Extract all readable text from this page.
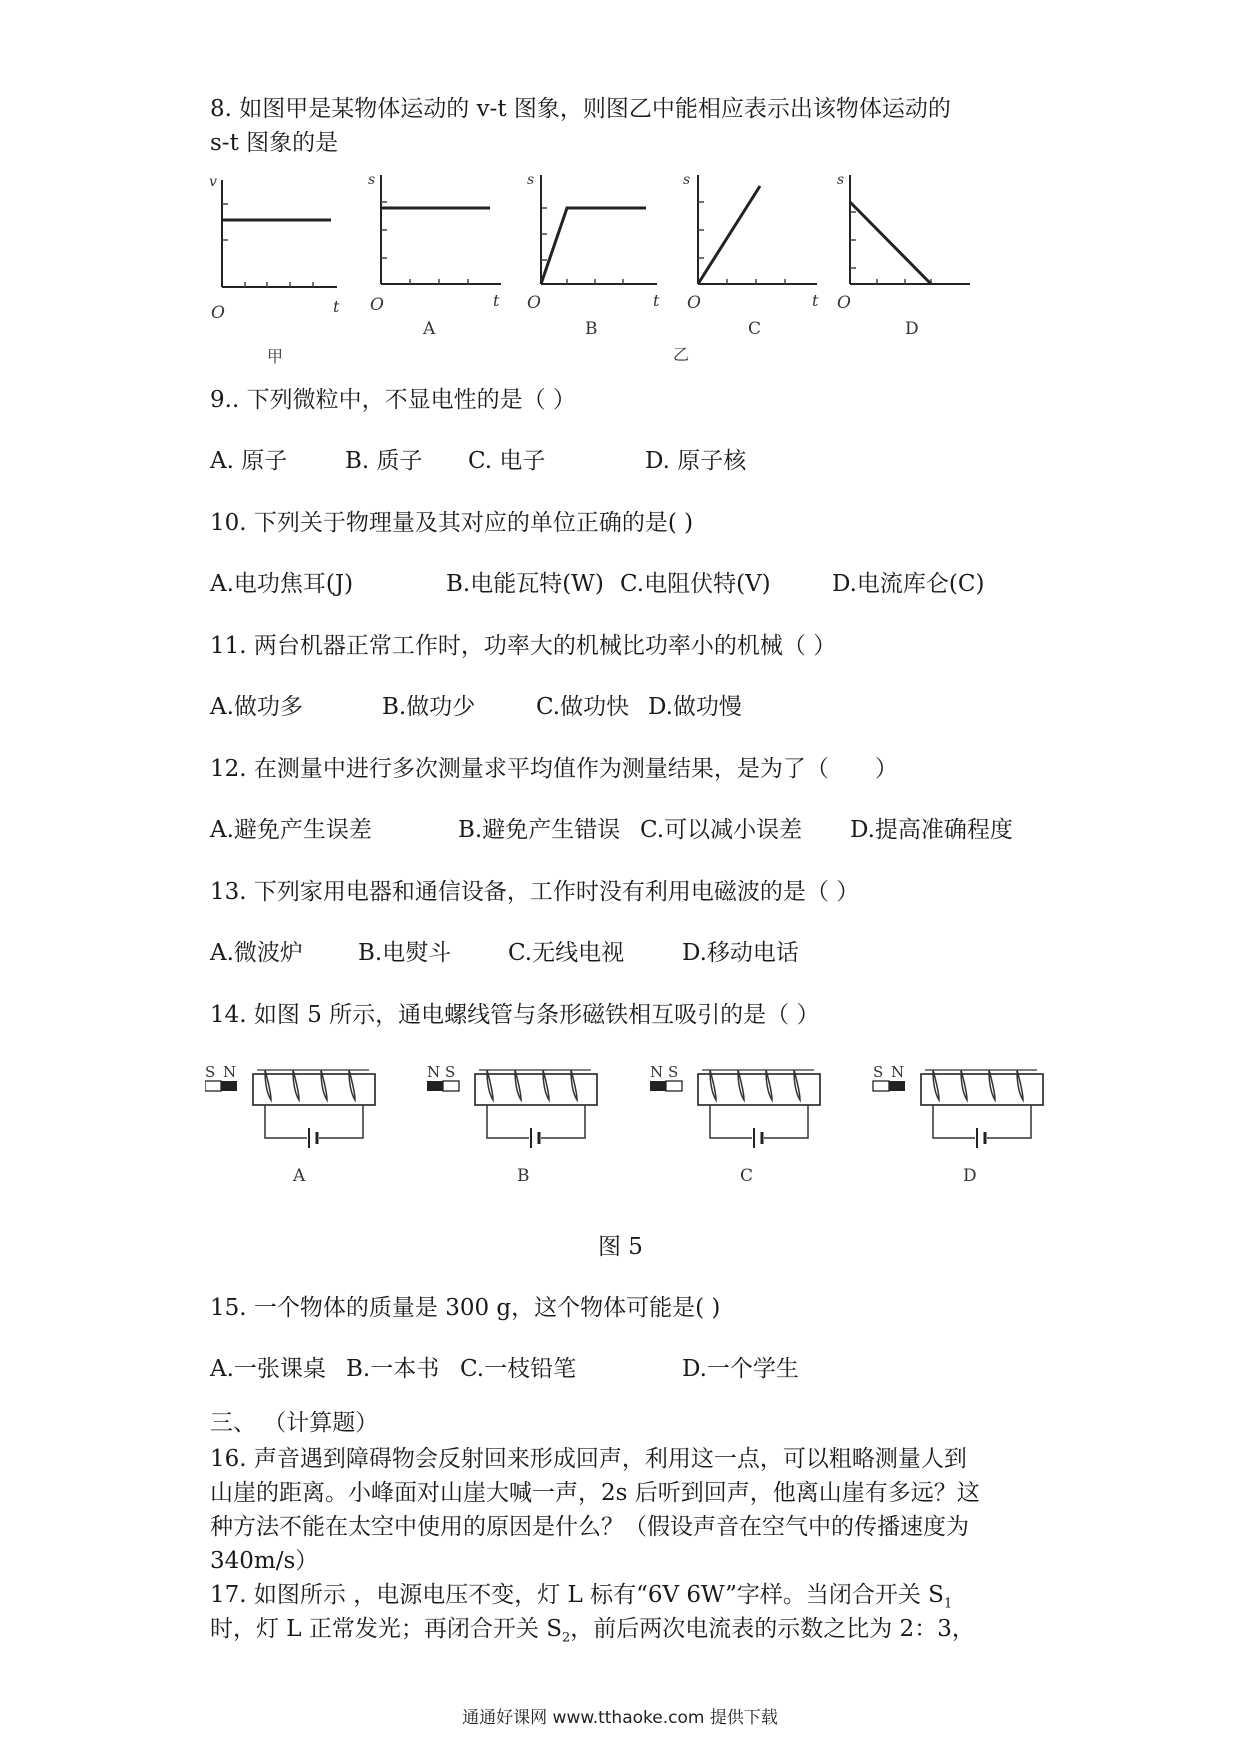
8. 如图甲是某物体运动的 v-t 图象，则图乙中能相应表示出该物体运动的
s-t 图象的是
v
t
O
甲
s
t
O
A
s
t
O
B
s
t
O
C
乙
s
O
D
9.. 下列微粒中，不显电性的是（ ）
A. 原子	B. 质子 C. 电子	D. 原子核
10. 下列关于物理量及其对应的单位正确的是( )
A.电功焦耳(J)	B.电能瓦特(W) C.电阻伏特(V)	D.电流库仑(C)
11. 两台机器正常工作时，功率大的机械比功率小的机械（ ）
A.做功多	B.做功少	C.做功快 D.做功慢
12. 在测量中进行多次测量求平均值作为测量结果，是为了（　　）
A.避免产生误差	B.避免产生错误 C.可以减小误差 D.提高准确程度
13. 下列家用电器和通信设备，工作时没有利用电磁波的是（ ）
A.微波炉 B.电熨斗 C.无线电视	D.移动电话
14. 如图 5 所示，通电螺线管与条形磁铁相互吸引的是（ ）
S N
A
N S
B
N S
C
S N
D
图 5
15. 一个物体的质量是 300 g，这个物体可能是( )
A.一张课桌 B.一本书 C.一枝铅笔	D.一个学生
三、 （计算题）
16. 声音遇到障碍物会反射回来形成回声，利用这一点，可以粗略测量人到
山崖的距离。小峰面对山崖大喊一声，2s 后听到回声，他离山崖有多远？这
种方法不能在太空中使用的原因是什么？（假设声音在空气中的传播速度为
340m/s）
17. 如图所示 ，电源电压不变，灯 L 标有“6V 6W”字样。当闭合开关 $S_1$
时，灯 L 正常发光；再闭合开关 $S_2$，前后两次电流表的示数之比为 2：3，
通通好课网 www.tthaoke.com 提供下载
